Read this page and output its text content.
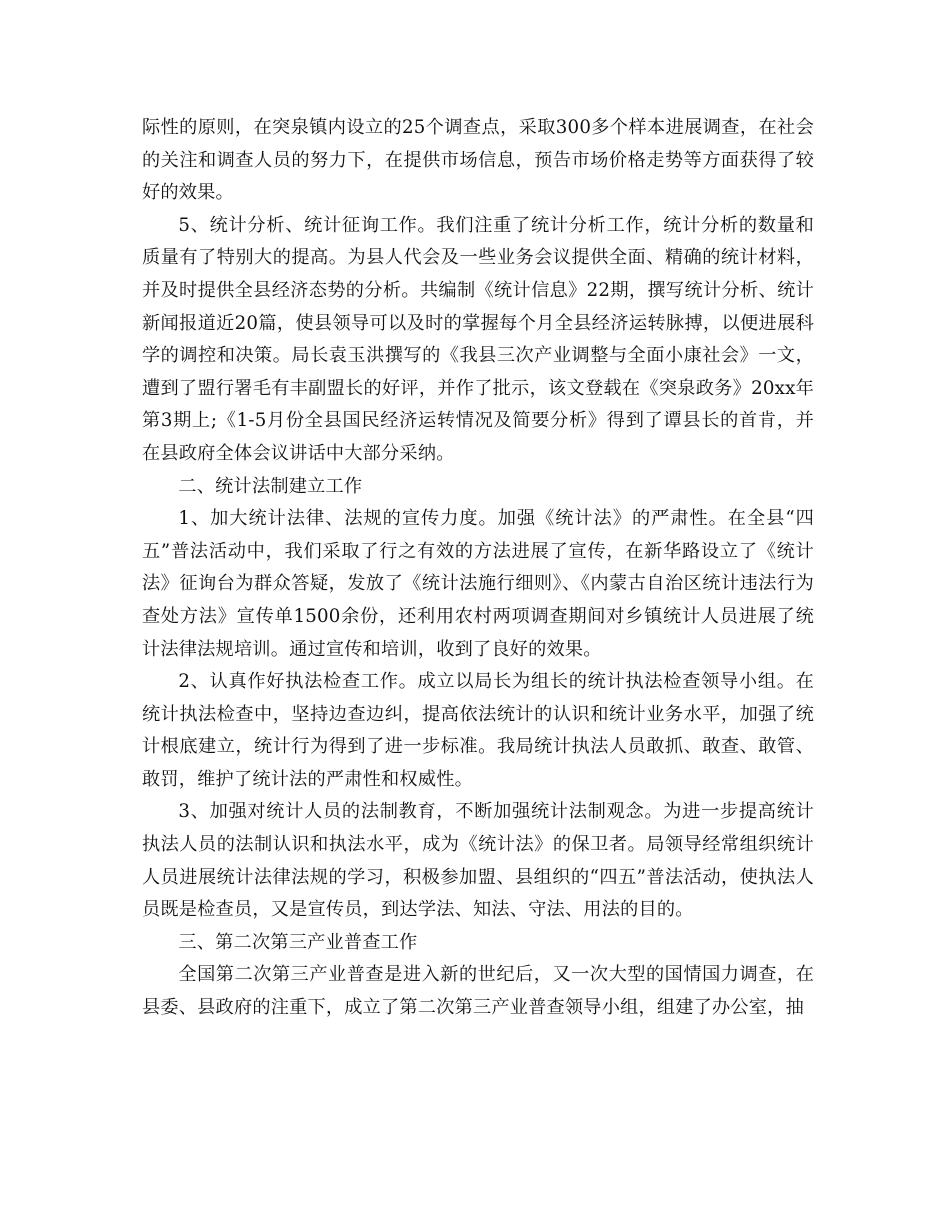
际性的原则，在突泉镇内设立的25个调查点，采取300多个样本进展调查，在社会的关注和调查人员的努力下，在提供市场信息，预告市场价格走势等方面获得了较好的效果。

5、统计分析、统计征询工作。我们注重了统计分析工作，统计分析的数量和质量有了特别大的提高。为县人代会及一些业务会议提供全面、精确的统计材料，并及时提供全县经济态势的分析。共编制《统计信息》22期，撰写统计分析、统计新闻报道近20篇，使县领导可以及时的掌握每个月全县经济运转脉搏，以便进展科学的调控和决策。局长袁玉洪撰写的《我县三次产业调整与全面小康社会》一文，遭到了盟行署毛有丰副盟长的好评，并作了批示，该文登载在《突泉政务》20xx年第3期上;《1-5月份全县国民经济运转情况及简要分析》得到了谭县长的首肯，并在县政府全体会议讲话中大部分采纳。

二、统计法制建立工作

1、加大统计法律、法规的宣传力度。加强《统计法》的严肃性。在全县“四五”普法活动中，我们采取了行之有效的方法进展了宣传，在新华路设立了《统计法》征询台为群众答疑，发放了《统计法施行细则》、《内蒙古自治区统计违法行为查处方法》宣传单1500余份，还利用农村两项调查期间对乡镇统计人员进展了统计法律法规培训。通过宣传和培训，收到了良好的效果。

2、认真作好执法检查工作。成立以局长为组长的统计执法检查领导小组。在统计执法检查中，坚持边查边纠，提高依法统计的认识和统计业务水平，加强了统计根底建立，统计行为得到了进一步标准。我局统计执法人员敢抓、敢查、敢管、敢罚，维护了统计法的严肃性和权威性。

3、加强对统计人员的法制教育，不断加强统计法制观念。为进一步提高统计执法人员的法制认识和执法水平，成为《统计法》的保卫者。局领导经常组织统计人员进展统计法律法规的学习，积极参加盟、县组织的“四五”普法活动，使执法人员既是检查员，又是宣传员，到达学法、知法、守法、用法的目的。

三、第二次第三产业普查工作

全国第二次第三产业普查是进入新的世纪后，又一次大型的国情国力调查，在县委、县政府的注重下，成立了第二次第三产业普查领导小组，组建了办公室，抽
